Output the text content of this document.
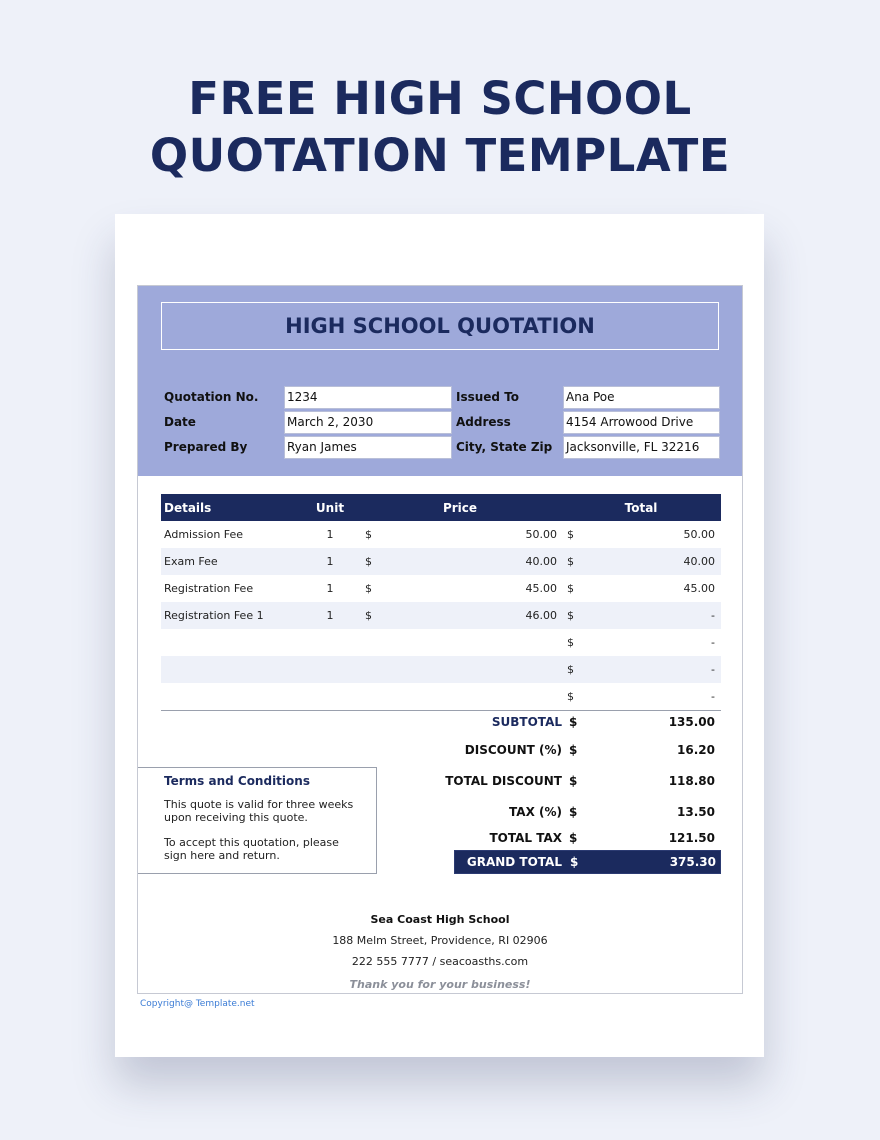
FREE HIGH SCHOOL
QUOTATION TEMPLATE
HIGH SCHOOL QUOTATION
Quotation No. 1234
Date	March 2, 2030
Prepared By	Ryan James
Issued To	Ana Poe
Address	4154 Arrowood Drive
City, State Zip Jacksonville, FL 32216
Details	Unit	Price		Total	
Admission Fee	1	$	50.00	$	50.00
Exam Fee	1	$	40.00	$	40.00
Registration Fee	1	$	45.00	$	45.00
Registration Fee 1	1	$	46.00	$	-
				$	-
				$	-
				$	-
SUBTOTAL $	135.00
DISCOUNT (%) $	16.20
TOTAL DISCOUNT $	118.80
TAX (%) $	13.50
TOTAL TAX $	121.50
GRAND TOTAL $	375.30
Terms and Conditions

This quote is valid for three weeks upon receiving this quote.

To accept this quotation, please sign here and return.

Sea Coast High School
188 Melm Street, Providence, RI 02906
222 555 7777 / seacoasths.com
Thank you for your business!
Copyright@ Template.net
